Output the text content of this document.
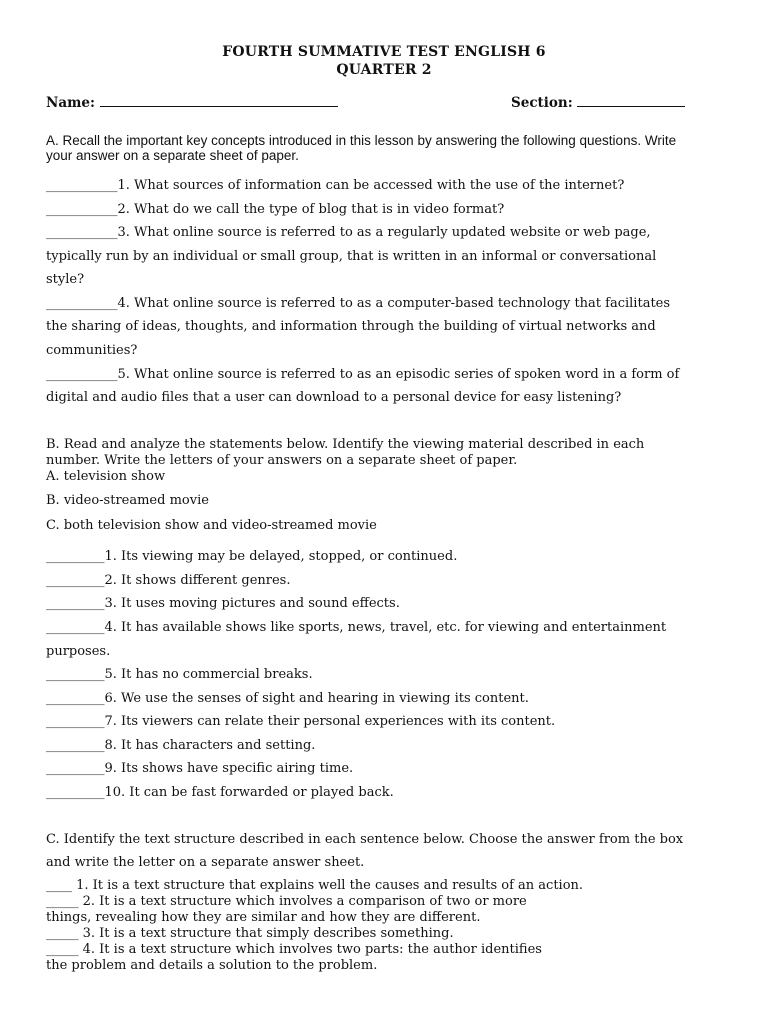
FOURTH SUMMATIVE TEST ENGLISH 6
QUARTER 2
Name:	Section:
A. Recall the important key concepts introduced in this lesson by answering the following questions. Write
your answer on a separate sheet of paper.
___________1. What sources of information can be accessed with the use of the internet?
___________2. What do we call the type of blog that is in video format?
___________3. What online source is referred to as a regularly updated website or web page,
typically run by an individual or small group, that is written in an informal or conversational
style?
___________4. What online source is referred to as a computer-based technology that facilitates
the sharing of ideas, thoughts, and information through the building of virtual networks and
communities?
___________5. What online source is referred to as an episodic series of spoken word in a form of
digital and audio files that a user can download to a personal device for easy listening?
B. Read and analyze the statements below. Identify the viewing material described in each
number. Write the letters of your answers on a separate sheet of paper.
A. television show
B. video-streamed movie
C. both television show and video-streamed movie
_________1. Its viewing may be delayed, stopped, or continued.
_________2. It shows different genres.
_________3. It uses moving pictures and sound effects.
_________4. It has available shows like sports, news, travel, etc. for viewing and entertainment
purposes.
_________5. It has no commercial breaks.
_________6. We use the senses of sight and hearing in viewing its content.
_________7. Its viewers can relate their personal experiences with its content.
_________8. It has characters and setting.
_________9. Its shows have specific airing time.
_________10. It can be fast forwarded or played back.
C. Identify the text structure described in each sentence below. Choose the answer from the box
and write the letter on a separate answer sheet.
____ 1. It is a text structure that explains well the causes and results of an action.
_____ 2. It is a text structure which involves a comparison of two or more
things, revealing how they are similar and how they are different.
_____ 3. It is a text structure that simply describes something.
_____ 4. It is a text structure which involves two parts: the author identifies
the problem and details a solution to the problem.
